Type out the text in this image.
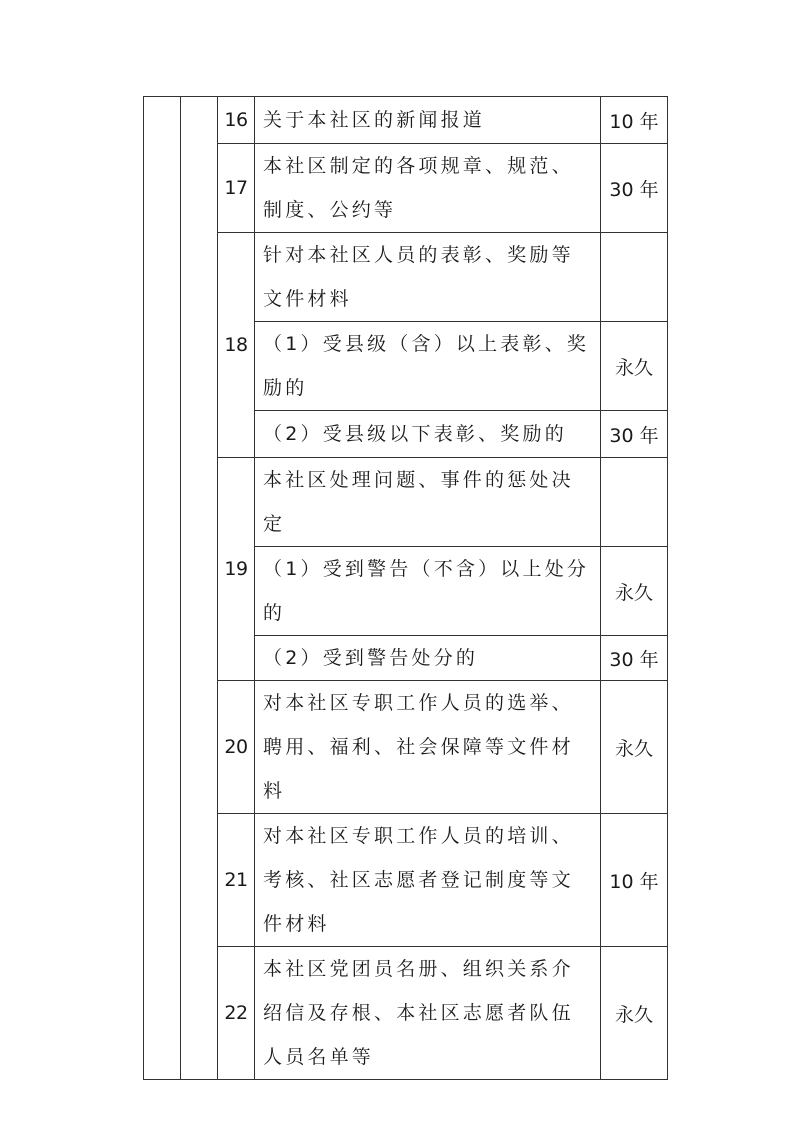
		16	关于本社区的新闻报道	10 年
		17	本社区制定的各项规章、规范、制度、公约等	30 年
		18	针对本社区人员的表彰、奖励等文件材料	
			（1）受县级（含）以上表彰、奖励的	永久
			（2）受县级以下表彰、奖励的	30 年
		19	本社区处理问题、事件的惩处决定	
			（1）受到警告（不含）以上处分的	永久
			（2）受到警告处分的	30 年
		20	对本社区专职工作人员的选举、聘用、福利、社会保障等文件材料	永久
		21	对本社区专职工作人员的培训、考核、社区志愿者登记制度等文件材料	10 年
		22	本社区党团员名册、组织关系介绍信及存根、本社区志愿者队伍人员名单等	永久
